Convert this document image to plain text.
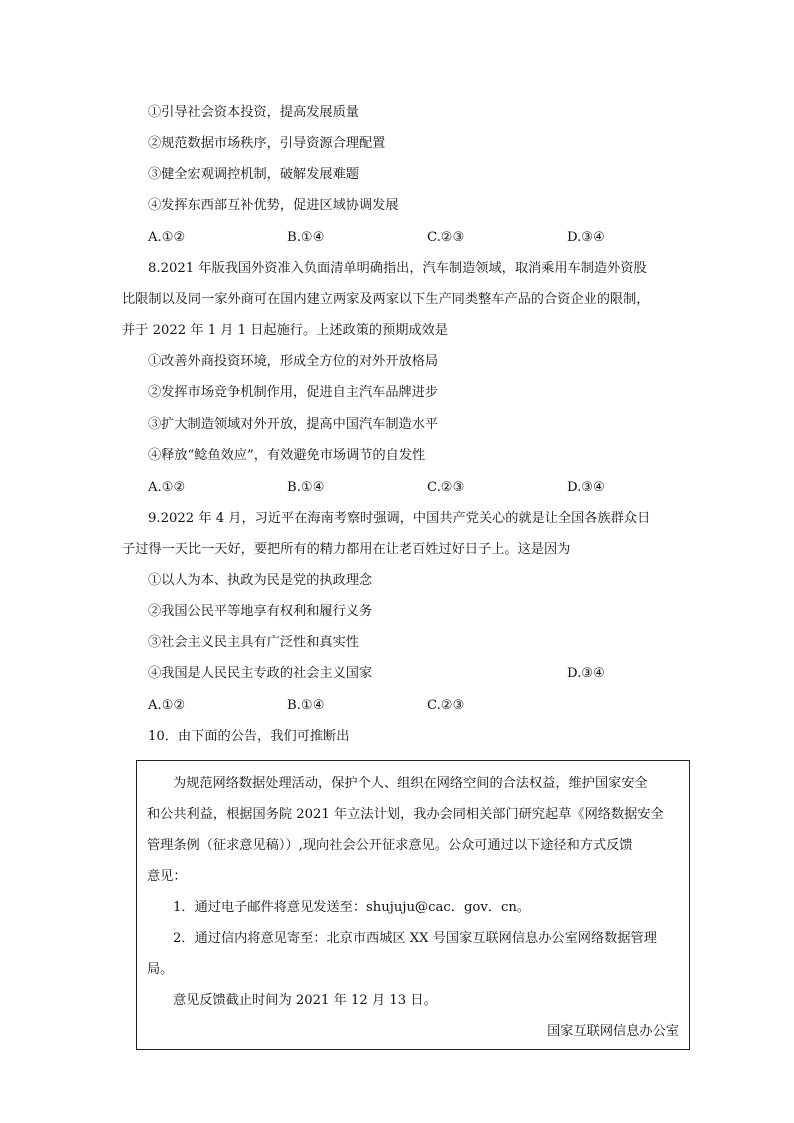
①引导社会资本投资，提高发展质量
②规范数据市场秩序，引导资源合理配置
③健全宏观调控机制，破解发展难题
④发挥东西部互补优势，促进区域协调发展
A.①②	B.①④	C.②③	D.③④
8.2021 年版我国外资准入负面清单明确指出，汽车制造领域，取消乘用车制造外资股
比限制以及同一家外商可在国内建立两家及两家以下生产同类整车产品的合资企业的限制，
并于 2022 年 1 月 1 日起施行。上述政策的预期成效是
①改善外商投资环境，形成全方位的对外开放格局
②发挥市场竞争机制作用，促进自主汽车品牌进步
③扩大制造领域对外开放，提高中国汽车制造水平
④释放“鲶鱼效应”，有效避免市场调节的自发性
A.①②	B.①④	C.②③	D.③④
9.2022 年 4 月，习近平在海南考察时强调，中国共产党关心的就是让全国各族群众日
子过得一天比一天好，要把所有的精力都用在让老百姓过好日子上。这是因为
①以人为本、执政为民是党的执政理念
②我国公民平等地享有权利和履行义务
③社会主义民主具有广泛性和真实性
④我国是人民民主专政的社会主义国家	D.③④
A.①②	B.①④	C.②③
10．由下面的公告，我们可推断出
为规范网络数据处理活动，保护个人、组织在网络空间的合法权益，维护国家安全
和公共利益，根据国务院 2021 年立法计划，我办会同相关部门研究起草《网络数据安全
管理条例（征求意见稿））,现向社会公开征求意见。公众可通过以下途径和方式反馈
意见：
1．通过电子邮件将意见发送至：shujuju@cac．gov．cn。
2．通过信内将意见寄至：北京市西城区 XX 号国家互联网信息办公室网络数据管理
局。
意见反馈截止时间为 2021 年 12 月 13 日。
国家互联网信息办公室
